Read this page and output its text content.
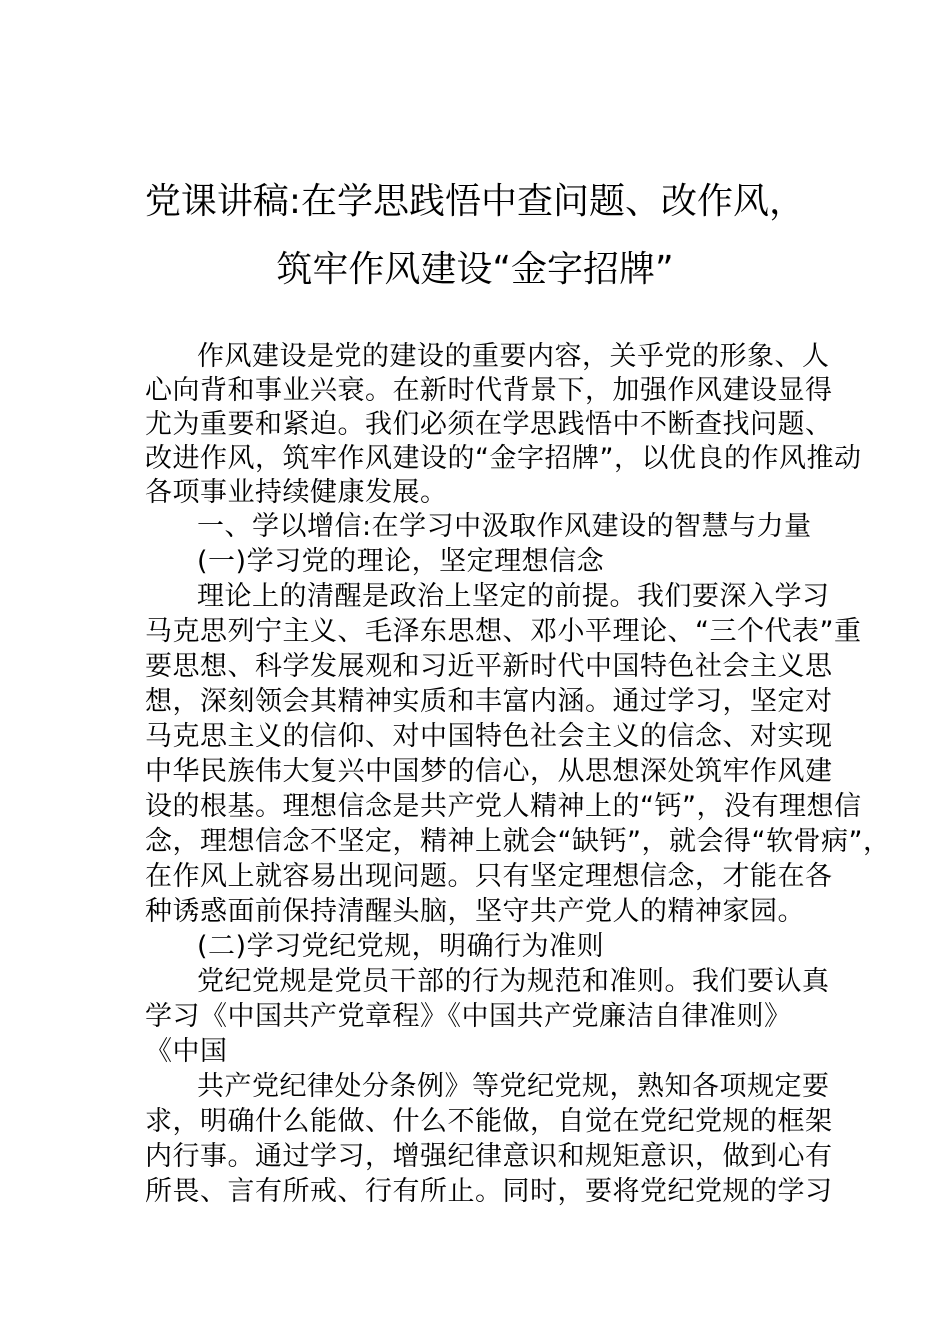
党课讲稿:在学思践悟中查问题、改作风，
筑牢作风建设“金字招牌”
作风建设是党的建设的重要内容，关乎党的形象、人
心向背和事业兴衰。在新时代背景下，加强作风建设显得
尤为重要和紧迫。我们必须在学思践悟中不断查找问题、
改进作风，筑牢作风建设的“金字招牌”，以优良的作风推动
各项事业持续健康发展。
一、学以增信:在学习中汲取作风建设的智慧与力量
(一)学习党的理论，坚定理想信念
理论上的清醒是政治上坚定的前提。我们要深入学习
马克思列宁主义、毛泽东思想、邓小平理论、“三个代表”重
要思想、科学发展观和习近平新时代中国特色社会主义思
想，深刻领会其精神实质和丰富内涵。通过学习，坚定对
马克思主义的信仰、对中国特色社会主义的信念、对实现
中华民族伟大复兴中国梦的信心，从思想深处筑牢作风建
设的根基。理想信念是共产党人精神上的“钙”，没有理想信
念，理想信念不坚定，精神上就会“缺钙”，就会得“软骨病”，
在作风上就容易出现问题。只有坚定理想信念，才能在各
种诱惑面前保持清醒头脑，坚守共产党人的精神家园。
(二)学习党纪党规，明确行为准则
党纪党规是党员干部的行为规范和准则。我们要认真
学习《中国共产党章程》《中国共产党廉洁自律准则》
《中国
共产党纪律处分条例》等党纪党规，熟知各项规定要
求，明确什么能做、什么不能做，自觉在党纪党规的框架
内行事。通过学习，增强纪律意识和规矩意识，做到心有
所畏、言有所戒、行有所止。同时，要将党纪党规的学习
